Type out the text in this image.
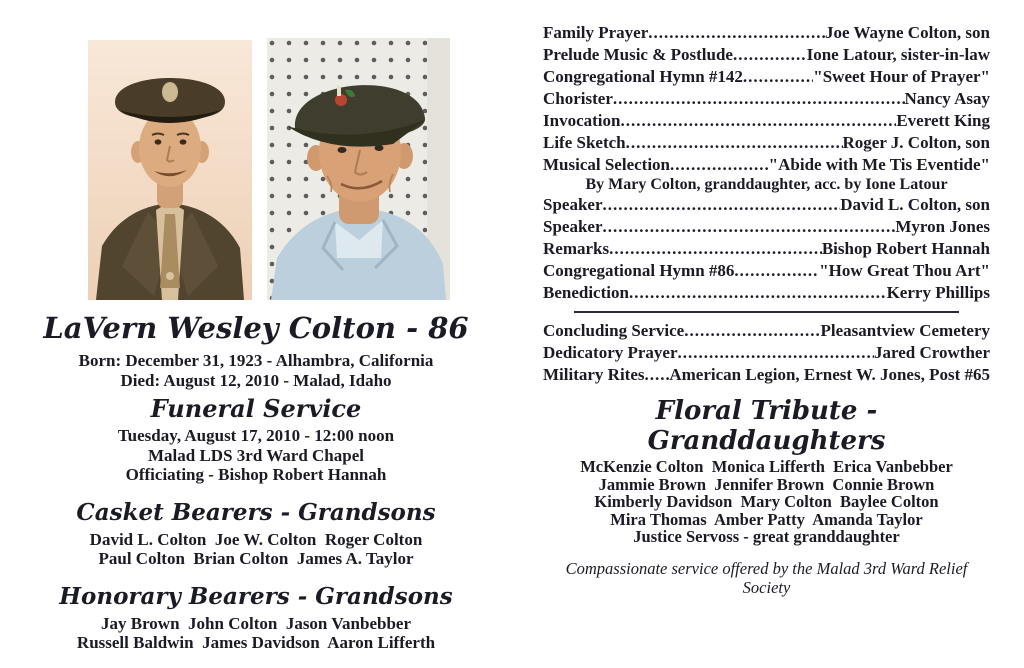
LaVern Wesley Colton - 86

Born: December 31, 1923 - Alhambra, California

Died: August 12, 2010 - Malad, Idaho

Funeral Service

Tuesday, August 17, 2010 - 12:00 noon

Malad LDS 3rd Ward Chapel

Officiating - Bishop Robert Hannah

Casket Bearers - Grandsons

David L. Colton  Joe W. Colton  Roger Colton

Paul Colton  Brian Colton  James A. Taylor

Honorary Bearers - Grandsons

Jay Brown  John Colton  Jason Vanbebber

Russell Baldwin  James Davidson  Aaron Lifferth

Family Prayer .....	Joe Wayne Colton, son
Prelude Music & Postlude .....	Ione Latour, sister-in-law
Congregational Hymn #142 .....	"Sweet Hour of Prayer"
Chorister .....	Nancy Asay
Invocation .....	Everett King
Life Sketch .....	Roger J. Colton, son
Musical Selection .....	"Abide with Me Tis Eventide"
By Mary Colton, granddaughter, acc. by Ione Latour
Speaker .....	David L. Colton, son
Speaker .....	Myron Jones
Remarks .....	Bishop Robert Hannah
Congregational Hymn #86 .....	"How Great Thou Art"
Benediction .....	Kerry Phillips
Concluding Service .....	Pleasantview Cemetery
Dedicatory Prayer .....	Jared Crowther
Military Rites ..... American Legion, Ernest W. Jones, Post #65
Floral Tribute - Granddaughters

McKenzie Colton  Monica Lifferth  Erica Vanbebber

Jammie Brown  Jennifer Brown  Connie Brown

Kimberly Davidson  Mary Colton  Baylee Colton

Mira Thomas  Amber Patty  Amanda Taylor

Justice Servoss - great granddaughter

Compassionate service offered by the Malad 3rd Ward Relief Society
